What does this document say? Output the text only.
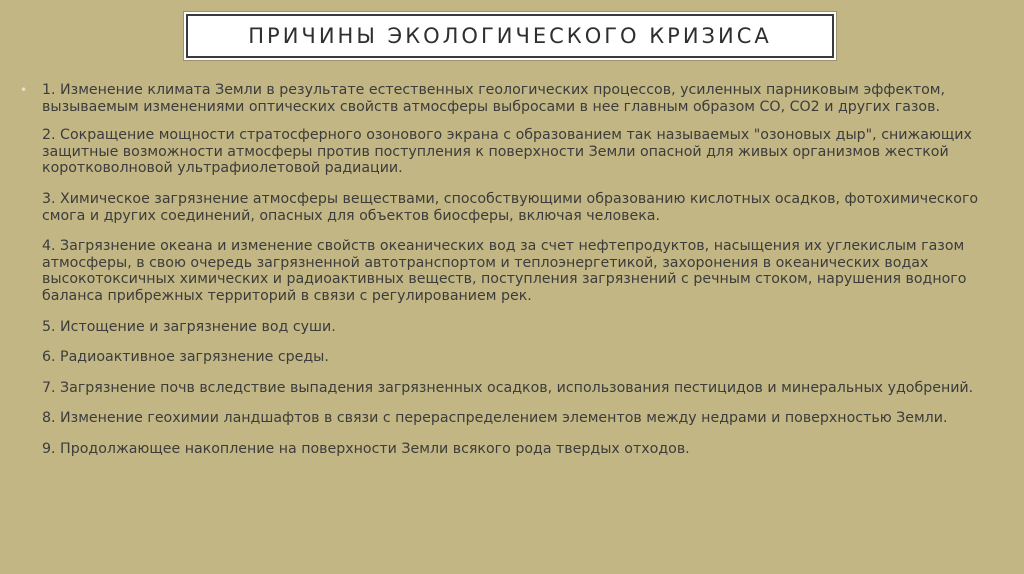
ПРИЧИНЫ ЭКОЛОГИЧЕСКОГО КРИЗИСА
• 1. Изменение климата Земли в результате естественных геологических процессов, усиленных парниковым эффектом, вызываемым изменениями оптических свойств атмосферы выбросами в нее главным образом CO, CO2 и других газов.

2. Сокращение мощности стратосферного озонового экрана с образованием так называемых "озоновых дыр", снижающих защитные возможности атмосферы против поступления к поверхности Земли опасной для живых организмов жесткой коротковолновой ультрафиолетовой радиации.

3. Химическое загрязнение атмосферы веществами, способствующими образованию кислотных осадков, фотохимического смога и других соединений, опасных для объектов биосферы, включая человека.

4. Загрязнение океана и изменение свойств океанических вод за счет нефтепродуктов, насыщения их углекислым газом атмосферы, в свою очередь загрязненной автотранспортом и теплоэнергетикой, захоронения в океанических водах высокотоксичных химических и радиоактивных веществ, поступления загрязнений с речным стоком, нарушения водного баланса прибрежных территорий в связи с регулированием рек.

5. Истощение и загрязнение вод суши.

6. Радиоактивное загрязнение среды.

7. Загрязнение почв вследствие выпадения загрязненных осадков, использования пестицидов и минеральных удобрений.

8. Изменение геохимии ландшафтов в связи с перераспределением элементов между недрами и поверхностью Земли.

9. Продолжающее накопление на поверхности Земли всякого рода твердых отходов.
